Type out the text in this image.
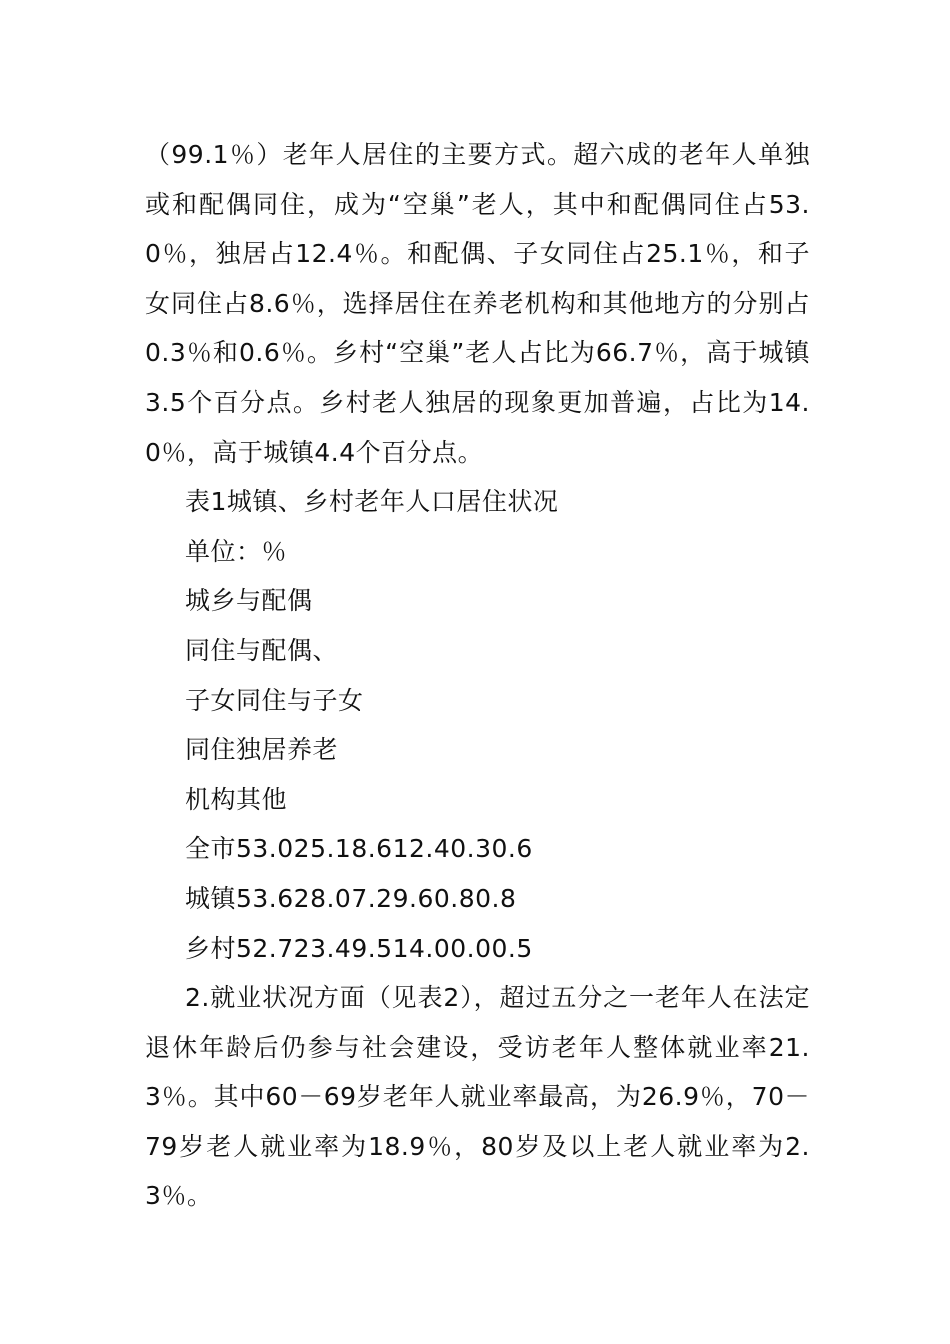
（99.1％）老年人居住的主要方式。超六成的老年人单独或和配偶同住，成为“空巢”老人，其中和配偶同住占53.0％，独居占12.4％。和配偶、子女同住占25.1％，和子女同住占8.6％，选择居住在养老机构和其他地方的分别占0.3％和0.6％。乡村“空巢”老人占比为66.7％，高于城镇3.5个百分点。乡村老人独居的现象更加普遍，占比为14.0％，高于城镇4.4个百分点。

表1城镇、乡村老年人口居住状况
单位：％
城乡与配偶
同住与配偶、
子女同住与子女
同住独居养老
机构其他
全市53.025.18.612.40.30.6
城镇53.628.07.29.60.80.8
乡村52.723.49.514.00.00.5

2.就业状况方面（见表2），超过五分之一老年人在法定退休年龄后仍参与社会建设，受访老年人整体就业率21.3％。其中60－69岁老年人就业率最高，为26.9％，70－79岁老人就业率为18.9％，80岁及以上老人就业率为2.3％。
